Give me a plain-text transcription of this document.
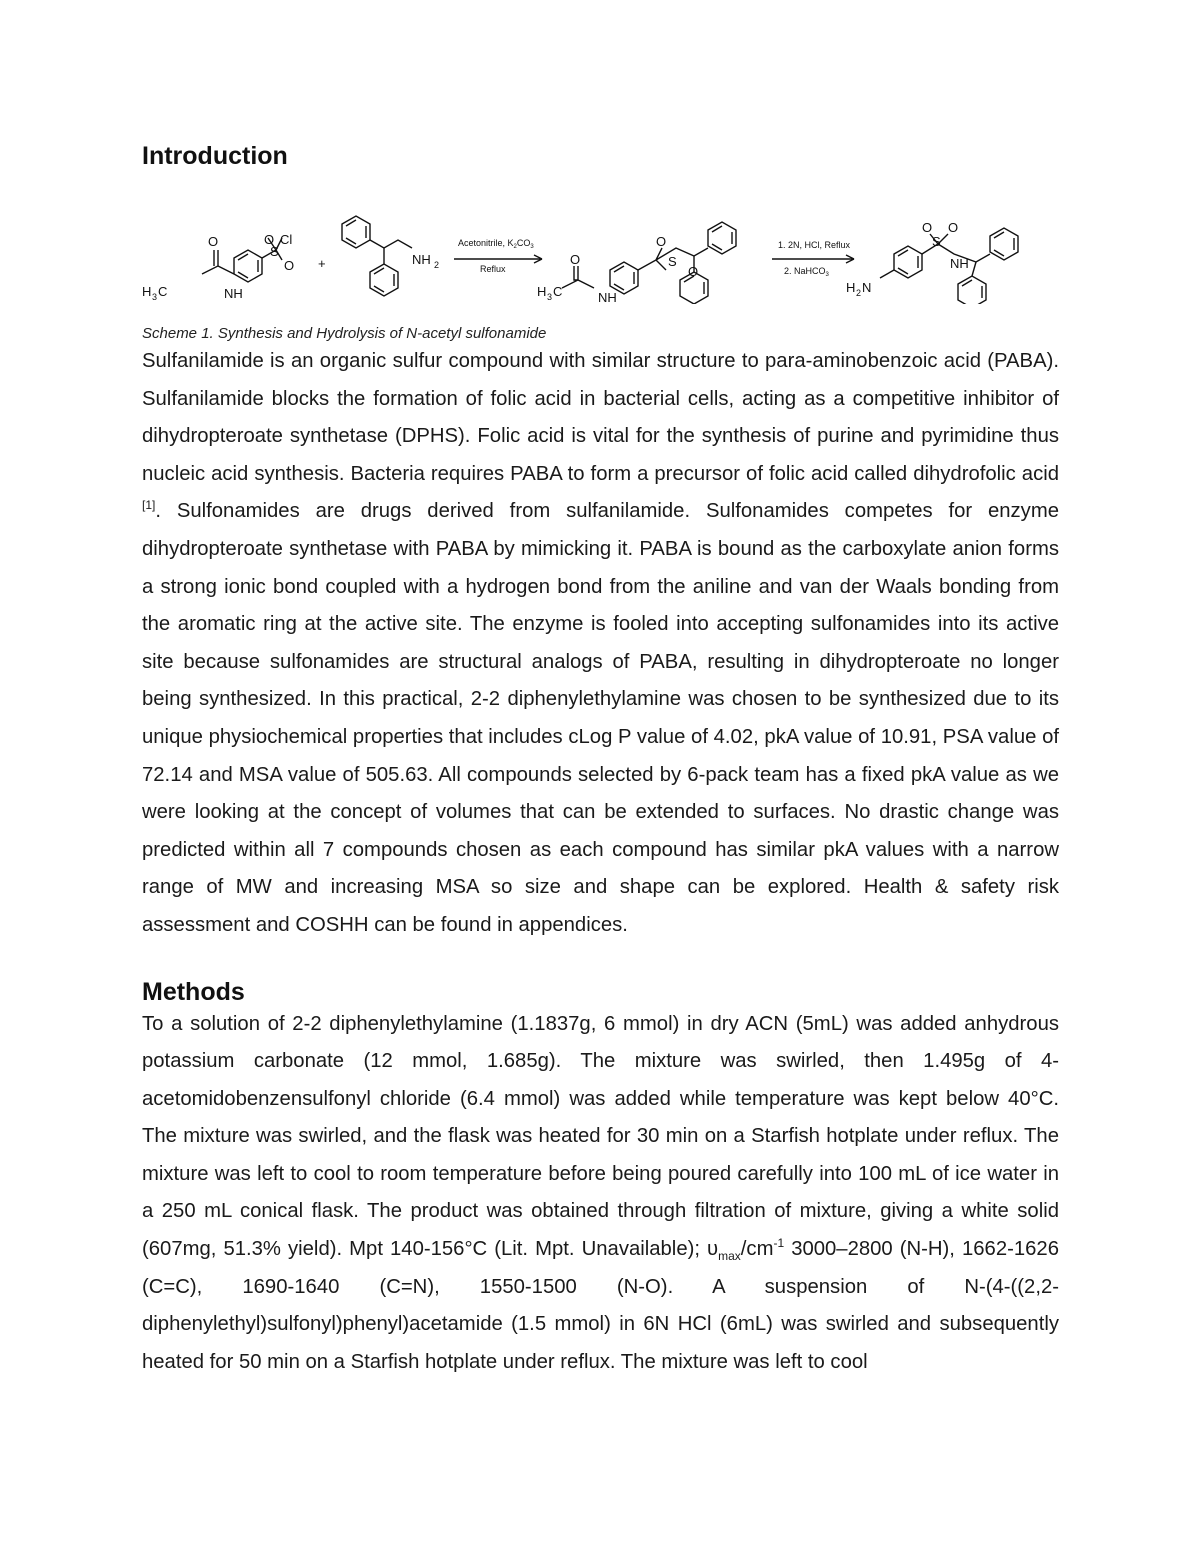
Introduction
H 3 C
O
NH
O
S
Cl
O +	NH 2
H 3 C
O
NH
O
S
O
H 2 N
O
S
O
NH
Acetonitrile, $K_2CO_3$
Reflux
1. 2N, HCl, Reflux
2. NaHCO$_3$
Scheme 1. Synthesis and Hydrolysis of N-acetyl sulfonamide

Sulfanilamide is an organic sulfur compound with similar structure to para-aminobenzoic acid (PABA). Sulfanilamide blocks the formation of folic acid in bacterial cells, acting as a competitive inhibitor of dihydropteroate synthetase (DPHS). Folic acid is vital for the synthesis of purine and pyrimidine thus nucleic acid synthesis. Bacteria requires PABA to form a precursor of folic acid called dihydrofolic acid [1]. Sulfonamides are drugs derived from sulfanilamide. Sulfonamides competes for enzyme dihydropteroate synthetase with PABA by mimicking it. PABA is bound as the carboxylate anion forms a strong ionic bond coupled with a hydrogen bond from the aniline and van der Waals bonding from the aromatic ring at the active site. The enzyme is fooled into accepting sulfonamides into its active site because sulfonamides are structural analogs of PABA, resulting in dihydropteroate no longer being synthesized. In this practical, 2-2 diphenylethylamine was chosen to be synthesized due to its unique physiochemical properties that includes cLog P value of 4.02, pkA value of 10.91, PSA value of 72.14 and MSA value of 505.63. All compounds selected by 6-pack team has a fixed pkA value as we were looking at the concept of volumes that can be extended to surfaces. No drastic change was predicted within all 7 compounds chosen as each compound has similar pkA values with a narrow range of MW and increasing MSA so size and shape can be explored. Health & safety risk assessment and COSHH can be found in appendices.

Methods

To a solution of 2-2 diphenylethylamine (1.1837g, 6 mmol) in dry ACN (5mL) was added anhydrous potassium carbonate (12 mmol, 1.685g). The mixture was swirled, then 1.495g of 4-acetomidobenzensulfonyl chloride (6.4 mmol) was added while temperature was kept below 40°C. The mixture was swirled, and the flask was heated for 30 min on a Starfish hotplate under reflux. The mixture was left to cool to room temperature before being poured carefully into 100 mL of ice water in a 250 mL conical flask. The product was obtained through filtration of mixture, giving a white solid (607mg, 51.3% yield). Mpt 140-156°C (Lit. Mpt. Unavailable); $\upsilon_{max}/cm^{-1}$ 3000–2800 (N-H), 1662-1626 (C=C), 1690-1640 (C=N), 1550-1500 (N-O). A suspension of N-(4-((2,2-diphenylethyl)sulfonyl)phenyl)acetamide (1.5 mmol) in 6N HCl (6mL) was swirled and subsequently heated for 50 min on a Starfish hotplate under reflux. The mixture was left to cool
